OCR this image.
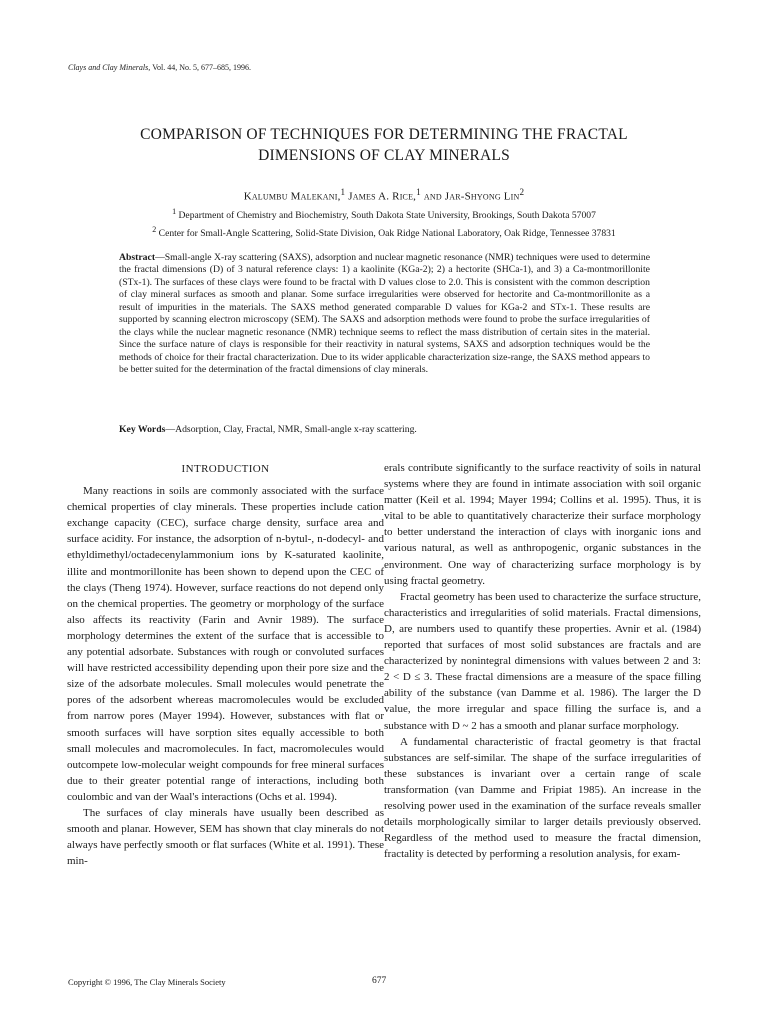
Clays and Clay Minerals, Vol. 44, No. 5, 677–685, 1996.
COMPARISON OF TECHNIQUES FOR DETERMINING THE FRACTAL
DIMENSIONS OF CLAY MINERALS
Kalumbu Malekani,$^1$ James A. Rice,$^1$ and Jar-Shyong Lin$^2$
$^1$ Department of Chemistry and Biochemistry, South Dakota State University, Brookings, South Dakota 57007
$^2$ Center for Small-Angle Scattering, Solid-State Division, Oak Ridge National Laboratory, Oak Ridge, Tennessee 37831
Abstract—Small-angle X-ray scattering (SAXS), adsorption and nuclear magnetic resonance (NMR) techniques were used to determine the fractal dimensions (D) of 3 natural reference clays: 1) a kaolinite (KGa-2); 2) a hectorite (SHCa-1), and 3) a Ca-montmorillonite (STx-1). The surfaces of these clays were found to be fractal with D values close to 2.0. This is consistent with the common description of clay mineral surfaces as smooth and planar. Some surface irregularities were observed for hectorite and Ca-montmorillonite as a result of impurities in the materials. The SAXS method generated comparable D values for KGa-2 and STx-1. These results are supported by scanning electron microscopy (SEM). The SAXS and adsorption methods were found to probe the surface irregularities of the clays while the nuclear magnetic resonance (NMR) technique seems to reflect the mass distribution of certain sites in the material. Since the surface nature of clays is responsible for their reactivity in natural systems, SAXS and adsorption techniques would be the methods of choice for their fractal characterization. Due to its wider applicable characterization size-range, the SAXS method appears to be better suited for the determination of the fractal dimensions of clay minerals.
Key Words—Adsorption, Clay, Fractal, NMR, Small-angle x-ray scattering.
INTRODUCTION

Many reactions in soils are commonly associated with the surface chemical properties of clay minerals. These properties include cation exchange capacity (CEC), surface charge density, surface area and surface acidity. For instance, the adsorption of n-bytul-, n-dodecyl- and ethyldimethyl/octadecenylammonium ions by K-saturated kaolinite, illite and montmorillonite has been shown to depend upon the CEC of the clays (Theng 1974). However, surface reactions do not depend only on the chemical properties. The geometry or morphology of the surface also affects its reactivity (Farin and Avnir 1989). The surface morphology determines the extent of the surface that is accessible to any potential adsorbate. Substances with rough or convoluted surfaces will have restricted accessibility depending upon their pore size and the size of the adsorbate molecules. Small molecules would penetrate the pores of the adsorbent whereas macromolecules would be excluded from narrow pores (Mayer 1994). However, substances with flat or smooth surfaces will have sorption sites equally accessible to both small molecules and macromolecules. In fact, macromolecules would outcompete low-molecular weight compounds for free mineral surfaces due to their greater potential range of interactions, including both coulombic and van der Waal's interactions (Ochs et al. 1994).

The surfaces of clay minerals have usually been described as smooth and planar. However, SEM has shown that clay minerals do not always have perfectly smooth or flat surfaces (White et al. 1991). These min-

erals contribute significantly to the surface reactivity of soils in natural systems where they are found in intimate association with soil organic matter (Keil et al. 1994; Mayer 1994; Collins et al. 1995). Thus, it is vital to be able to quantitatively characterize their surface morphology to better understand the interaction of clays with inorganic ions and various natural, as well as anthropogenic, organic substances in the environment. One way of characterizing surface morphology is by using fractal geometry.

Fractal geometry has been used to characterize the surface structure, characteristics and irregularities of solid materials. Fractal dimensions, D, are numbers used to quantify these properties. Avnir et al. (1984) reported that surfaces of most solid substances are fractals and are characterized by nonintegral dimensions with values between 2 and 3: 2 < D ≤ 3. These fractal dimensions are a measure of the space filling ability of the substance (van Damme et al. 1986). The larger the D value, the more irregular and space filling the surface is, and a substance with D ~ 2 has a smooth and planar surface morphology.

A fundamental characteristic of fractal geometry is that fractal substances are self-similar. The shape of the surface irregularities of these substances is invariant over a certain range of scale transformation (van Damme and Fripiat 1985). An increase in the resolving power used in the examination of the surface reveals smaller details morphologically similar to larger details previously observed. Regardless of the method used to measure the fractal dimension, fractality is detected by performing a resolution analysis, for exam-

Copyright © 1996, The Clay Minerals Society	677
